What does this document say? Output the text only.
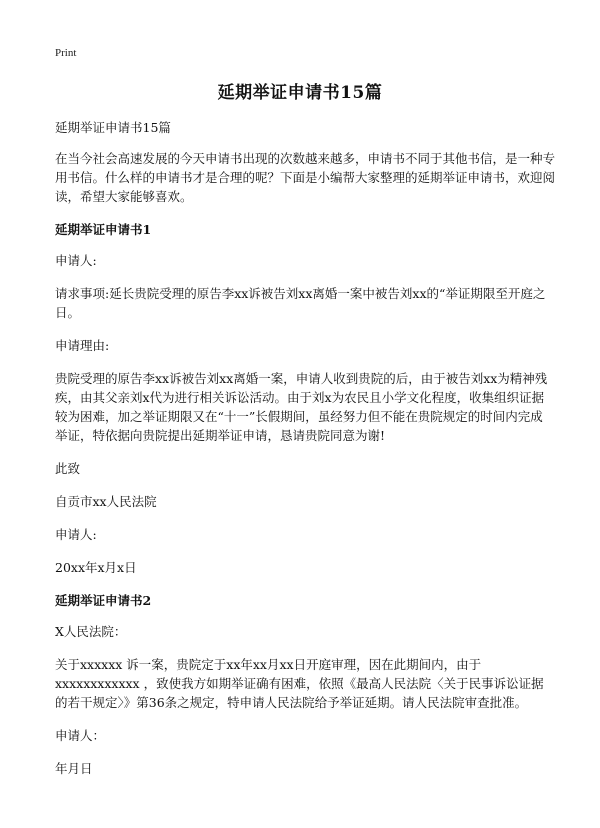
Print
延期举证申请书15篇

延期举证申请书15篇

在当今社会高速发展的今天申请书出现的次数越来越多，申请书不同于其他书信，是一种专用书信。什么样的申请书才是合理的呢？下面是小编帮大家整理的延期举证申请书，欢迎阅读，希望大家能够喜欢。

延期举证申请书1

申请人:

请求事项:延长贵院受理的原告李xx诉被告刘xx离婚一案中被告刘xx的“举证期限至开庭之日。

申请理由:

贵院受理的原告李xx诉被告刘xx离婚一案，申请人收到贵院的后，由于被告刘xx为精神残疾，由其父亲刘x代为进行相关诉讼活动。由于刘x为农民且小学文化程度，收集组织证据较为困难，加之举证期限又在“十一”长假期间，虽经努力但不能在贵院规定的时间内完成举证，特依据向贵院提出延期举证申请，恳请贵院同意为谢!

此致

自贡市xx人民法院

申请人:

20xx年x月x日

延期举证申请书2

X人民法院：

关于xxxxxx 诉一案，贵院定于xx年xx月xx日开庭审理，因在此期间内，由于xxxxxxxxxxxx ，致使我方如期举证确有困难，依照《最高人民法院〈关于民事诉讼证据的若干规定〉》第36条之规定，特申请人民法院给予举证延期。请人民法院审查批准。

申请人：

年月日
